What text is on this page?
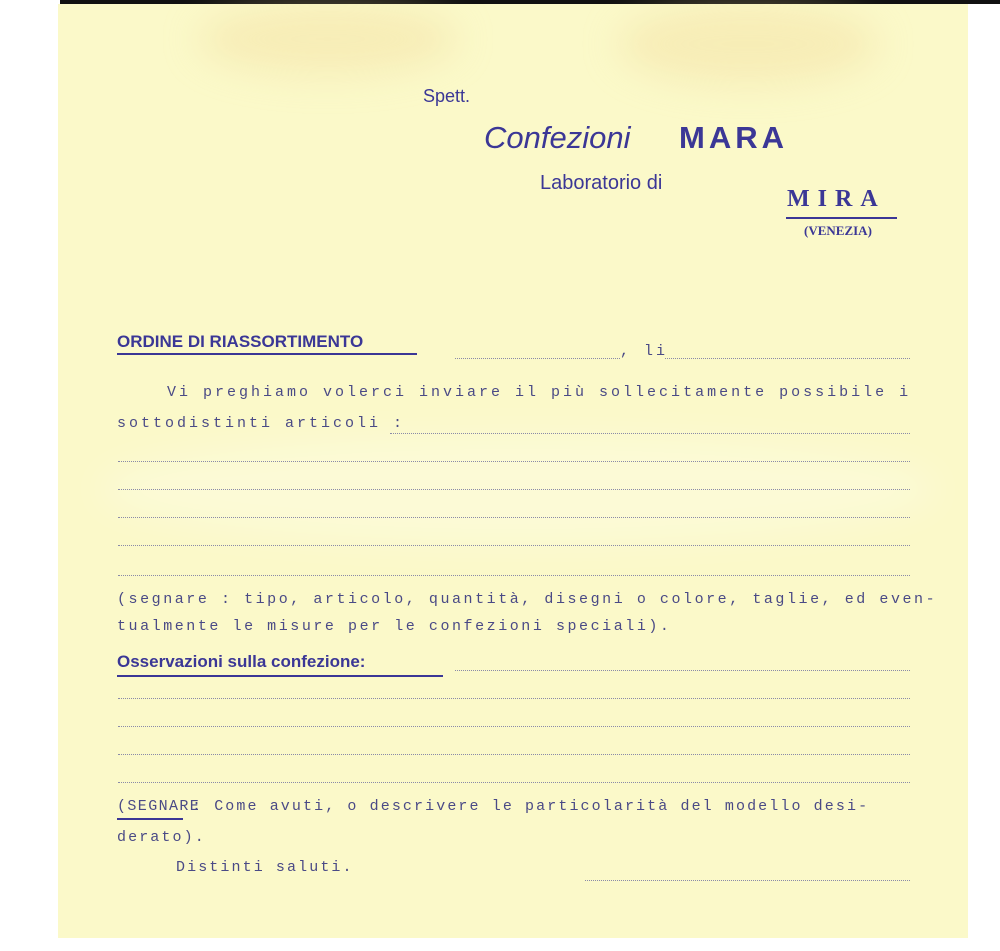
Spett.
Confezioni MARA
Laboratorio di
MIRA
(VENEZIA)
ORDINE DI RIASSORTIMENTO
, li
Vi preghiamo volerci inviare il più sollecitamente possibile i
sottodistinti articoli :
(segnare : tipo, articolo, quantità, disegni o colore, taglie, ed even-
tualmente le misure per le confezioni speciali).
Osservazioni sulla confezione:
(SEGNARE
: Come avuti, o descrivere le particolarità del modello desi-
derato).
Distinti saluti.
